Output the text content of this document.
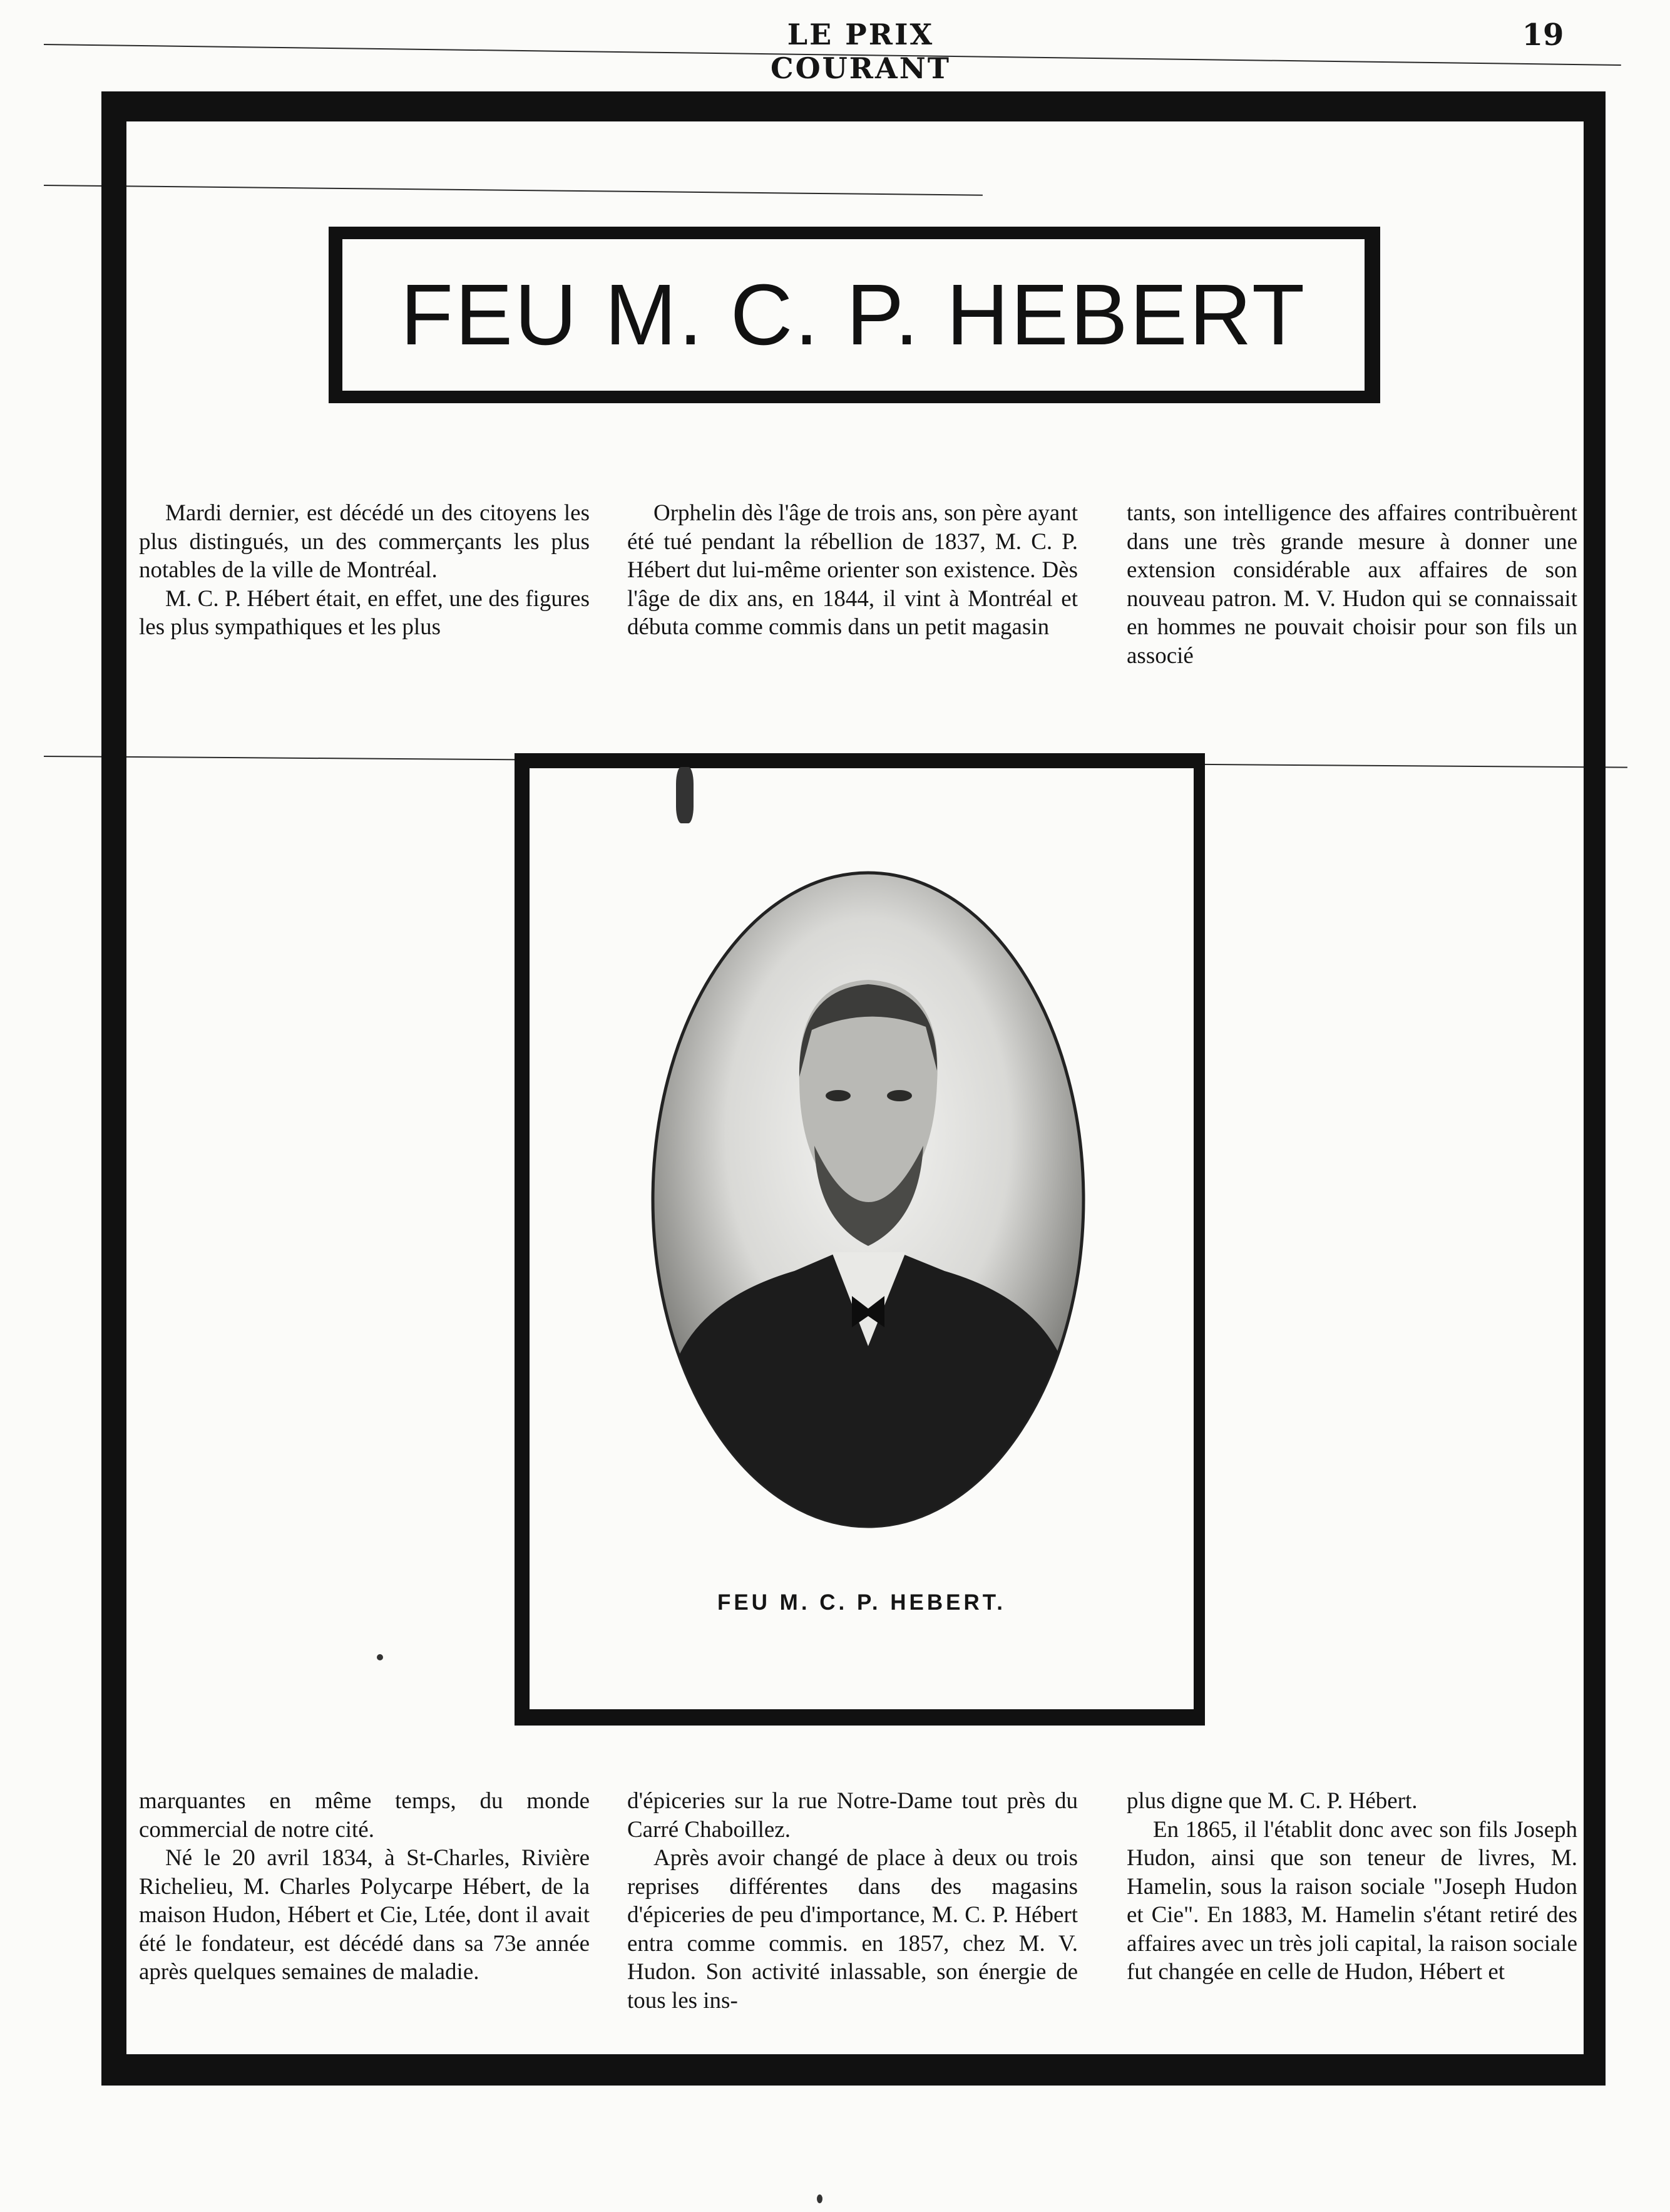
LE PRIX COURANT
19
FEU M. C. P. HEBERT

Mardi dernier, est décédé un des citoyens les plus distingués, un des commerçants les plus notables de la ville de Montréal.

M. C. P. Hébert était, en effet, une des figures les plus sympathiques et les plus

Orphelin dès l'âge de trois ans, son père ayant été tué pendant la rébellion de 1837, M. C. P. Hébert dut lui-même orienter son existence. Dès l'âge de dix ans, en 1844, il vint à Montréal et débuta comme commis dans un petit magasin

tants, son intelligence des affaires contribuèrent dans une très grande mesure à donner une extension considérable aux affaires de son nouveau patron. M. V. Hudon qui se connaissait en hommes ne pouvait choisir pour son fils un associé

FEU M. C. P. HEBERT.

marquantes en même temps, du monde commercial de notre cité.

Né le 20 avril 1834, à St-Charles, Rivière Richelieu, M. Charles Polycarpe Hébert, de la maison Hudon, Hébert et Cie, Ltée, dont il avait été le fondateur, est décédé dans sa 73e année après quelques semaines de maladie.

d'épiceries sur la rue Notre-Dame tout près du Carré Chaboillez.

Après avoir changé de place à deux ou trois reprises différentes dans des magasins d'épiceries de peu d'importance, M. C. P. Hébert entra comme commis. en 1857, chez M. V. Hudon. Son activité inlassable, son énergie de tous les ins-

plus digne que M. C. P. Hébert.

En 1865, il l'établit donc avec son fils Joseph Hudon, ainsi que son teneur de livres, M. Hamelin, sous la raison sociale "Joseph Hudon et Cie". En 1883, M. Hamelin s'étant retiré des affaires avec un très joli capital, la raison sociale fut changée en celle de Hudon, Hébert et
